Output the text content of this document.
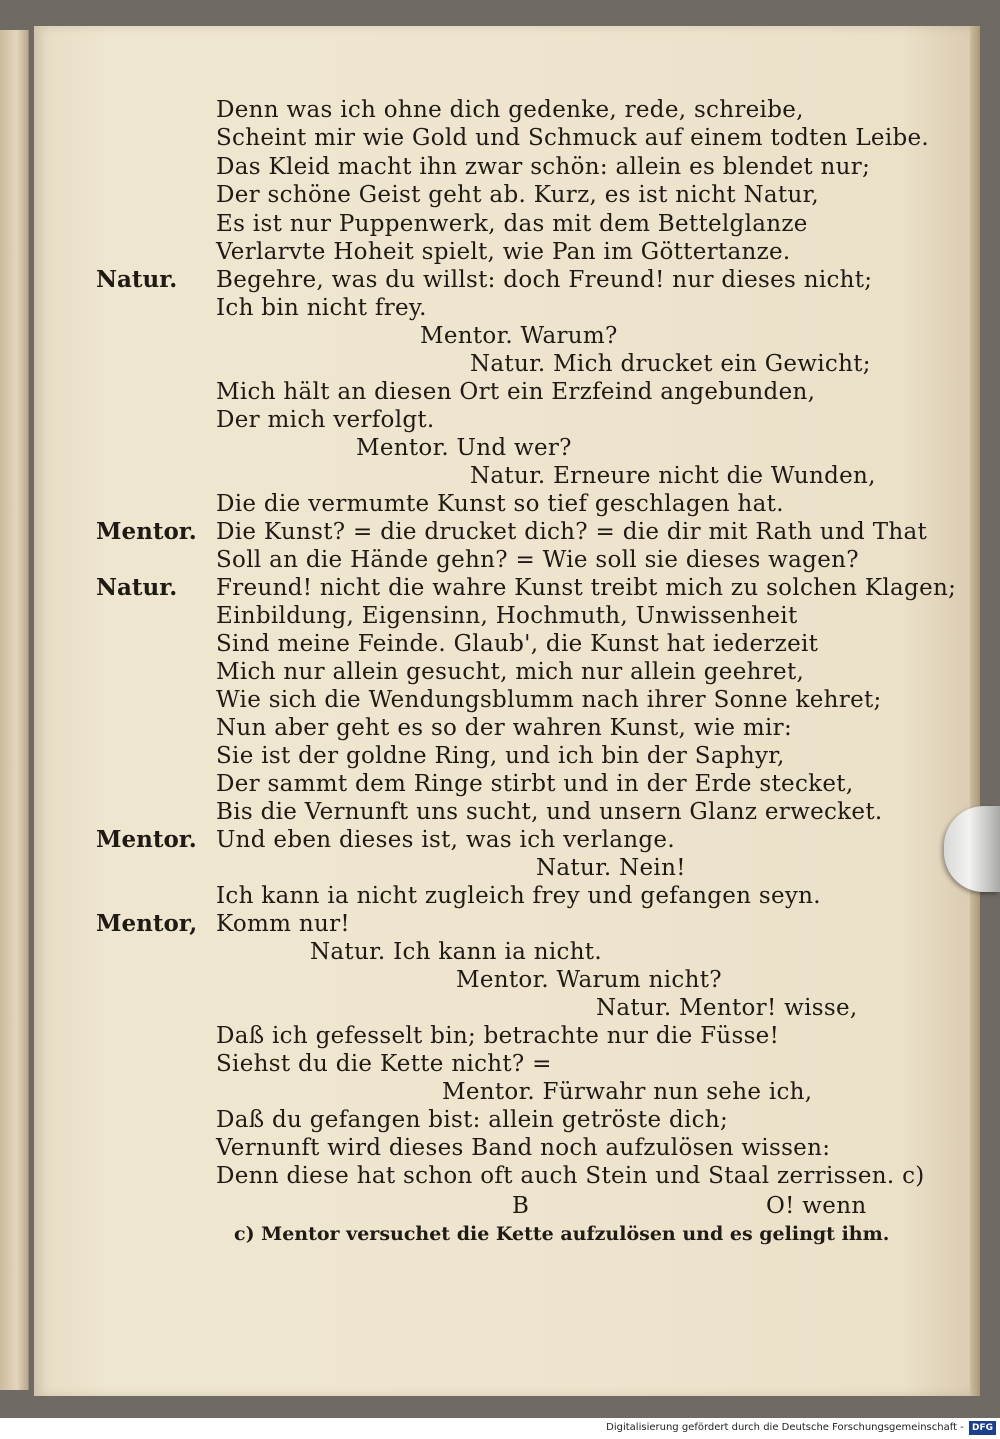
Denn was ich ohne dich gedenke, rede, schreibe,
Scheint mir wie Gold und Schmuck auf einem todten Leibe.
Das Kleid macht ihn zwar schön: allein es blendet nur;
Der schöne Geist geht ab. Kurz, es ist nicht Natur,
Es ist nur Puppenwerk, das mit dem Bettelglanze
Verlarvte Hoheit spielt, wie Pan im Göttertanze.
Natur. Begehre, was du willst: doch Freund! nur dieses nicht;
Ich bin nicht frey.
Mentor. Warum?
Natur. Mich drucket ein Gewicht;
Mich hält an diesen Ort ein Erzfeind angebunden,
Der mich verfolgt.
Mentor. Und wer?
Natur. Erneure nicht die Wunden,
Die die vermumte Kunst so tief geschlagen hat.
Mentor. Die Kunst? = die drucket dich? = die dir mit Rath und That
Soll an die Hände gehn? = Wie soll sie dieses wagen?
Natur. Freund! nicht die wahre Kunst treibt mich zu solchen Klagen;
Einbildung, Eigensinn, Hochmuth, Unwissenheit
Sind meine Feinde. Glaub', die Kunst hat iederzeit
Mich nur allein gesucht, mich nur allein geehret,
Wie sich die Wendungsblumm nach ihrer Sonne kehret;
Nun aber geht es so der wahren Kunst, wie mir:
Sie ist der goldne Ring, und ich bin der Saphyr,
Der sammt dem Ringe stirbt und in der Erde stecket,
Bis die Vernunft uns sucht, und unsern Glanz erwecket.
Mentor. Und eben dieses ist, was ich verlange.
Natur. Nein!
Ich kann ia nicht zugleich frey und gefangen seyn.
Mentor, Komm nur!
Natur. Ich kann ia nicht.
Mentor. Warum nicht?
Natur. Mentor! wisse,
Daß ich gefesselt bin; betrachte nur die Füsse!
Siehst du die Kette nicht? =
Mentor. Fürwahr nun sehe ich,
Daß du gefangen bist: allein getröste dich;
Vernunft wird dieses Band noch aufzulösen wissen:
Denn diese hat schon oft auch Stein und Staal zerrissen. c)
B	O! wenn
c) Mentor versuchet die Kette aufzulösen und es gelingt ihm.
Digitalisierung gefördert durch die Deutsche Forschungsgemeinschaft - DFG
